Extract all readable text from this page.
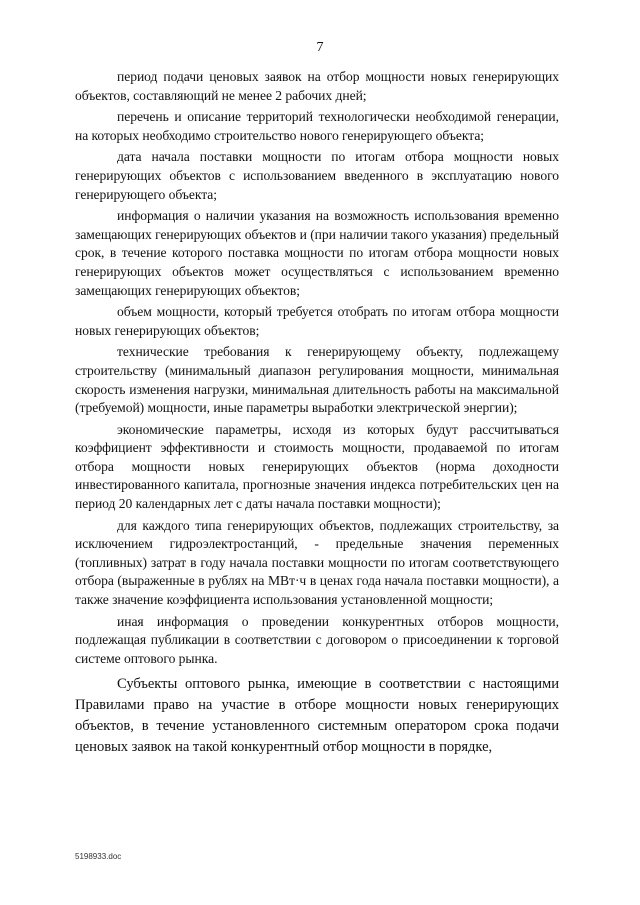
7

период подачи ценовых заявок на отбор мощности новых генерирующих объектов, составляющий не менее 2 рабочих дней;

перечень и описание территорий технологически необходимой генерации, на которых необходимо строительство нового генерирующего объекта;

дата начала поставки мощности по итогам отбора мощности новых генерирующих объектов с использованием введенного в эксплуатацию нового генерирующего объекта;

информация о наличии указания на возможность использования временно замещающих генерирующих объектов и (при наличии такого указания) предельный срок, в течение которого поставка мощности по итогам отбора мощности новых генерирующих объектов может осуществляться с использованием временно замещающих генерирующих объектов;

объем мощности, который требуется отобрать по итогам отбора мощности новых генерирующих объектов;

технические требования к генерирующему объекту, подлежащему строительству (минимальный диапазон регулирования мощности, минимальная скорость изменения нагрузки, минимальная длительность работы на максимальной (требуемой) мощности, иные параметры выработки электрической энергии);

экономические параметры, исходя из которых будут рассчитываться коэффициент эффективности и стоимость мощности, продаваемой по итогам отбора мощности новых генерирующих объектов (норма доходности инвестированного капитала, прогнозные значения индекса потребительских цен на период 20 календарных лет с даты начала поставки мощности);

для каждого типа генерирующих объектов, подлежащих строительству, за исключением гидроэлектростанций, - предельные значения переменных (топливных) затрат в году начала поставки мощности по итогам соответствующего отбора (выраженные в рублях на МВт·ч в ценах года начала поставки мощности), а также значение коэффициента использования установленной мощности;

иная информация о проведении конкурентных отборов мощности, подлежащая публикации в соответствии с договором о присоединении к торговой системе оптового рынка.

Субъекты оптового рынка, имеющие в соответствии с настоящими Правилами право на участие в отборе мощности новых генерирующих объектов, в течение установленного системным оператором срока подачи ценовых заявок на такой конкурентный отбор мощности в порядке,

5198933.doc
